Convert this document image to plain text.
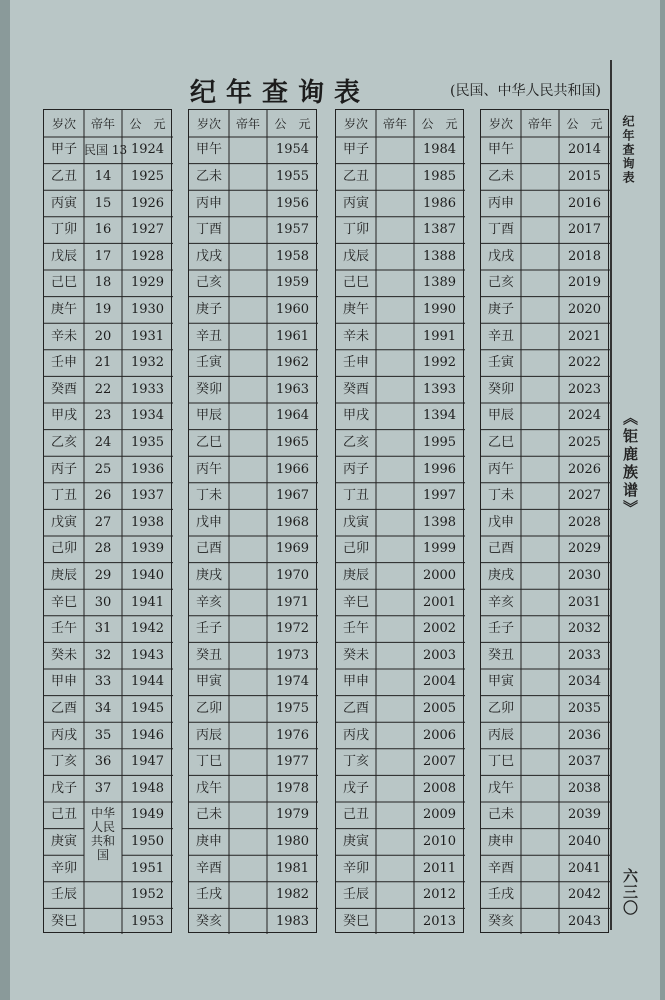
纪年查询表	(民国、中华人民共和国)
纪年查询表
《钜鹿族谱》
六三〇
岁次	帝年	公　元
甲子 民国 13 1924
乙丑	14	1925
丙寅	15	1926
丁卯	16	1927
戊辰	17	1928
己巳	18	1929
庚午	19	1930
辛未	20	1931
壬申	21	1932
癸酉	22	1933
甲戌	23	1934
乙亥	24	1935
丙子	25	1936
丁丑	26	1937
戊寅	27	1938
己卯	28	1939
庚辰	29	1940
辛巳	30	1941
壬午	31	1942
癸未	32	1943
甲申	33	1944
乙酉	34	1945
丙戌	35	1946
丁亥	36	1947
戊子	37	1948
己丑	1949
庚寅	1950
辛卯	1951
壬辰	1952
癸巳	1953
中华人民共和国
岁次	帝年	公　元
甲午	1954
乙未	1955
丙申	1956
丁酉	1957
戊戌	1958
己亥	1959
庚子	1960
辛丑	1961
壬寅	1962
癸卯	1963
甲辰	1964
乙巳	1965
丙午	1966
丁未	1967
戊申	1968
己酉	1969
庚戌	1970
辛亥	1971
壬子	1972
癸丑	1973
甲寅	1974
乙卯	1975
丙辰	1976
丁巳	1977
戊午	1978
己未	1979
庚申	1980
辛酉	1981
壬戌	1982
癸亥	1983
岁次	帝年	公　元
甲子	1984
乙丑	1985
丙寅	1986
丁卯	1387
戊辰	1388
己巳	1389
庚午	1990
辛未	1991
壬申	1992
癸酉	1393
甲戌	1394
乙亥	1995
丙子	1996
丁丑	1997
戊寅	1398
己卯	1999
庚辰	2000
辛巳	2001
壬午	2002
癸未	2003
甲申	2004
乙酉	2005
丙戌	2006
丁亥	2007
戊子	2008
己丑	2009
庚寅	2010
辛卯	2011
壬辰	2012
癸巳	2013
岁次	帝年	公　元
甲午	2014
乙未	2015
丙申	2016
丁酉	2017
戊戌	2018
己亥	2019
庚子	2020
辛丑	2021
壬寅	2022
癸卯	2023
甲辰	2024
乙巳	2025
丙午	2026
丁未	2027
戊申	2028
己酉	2029
庚戌	2030
辛亥	2031
壬子	2032
癸丑	2033
甲寅	2034
乙卯	2035
丙辰	2036
丁巳	2037
戊午	2038
己未	2039
庚申	2040
辛酉	2041
壬戌	2042
癸亥	2043
